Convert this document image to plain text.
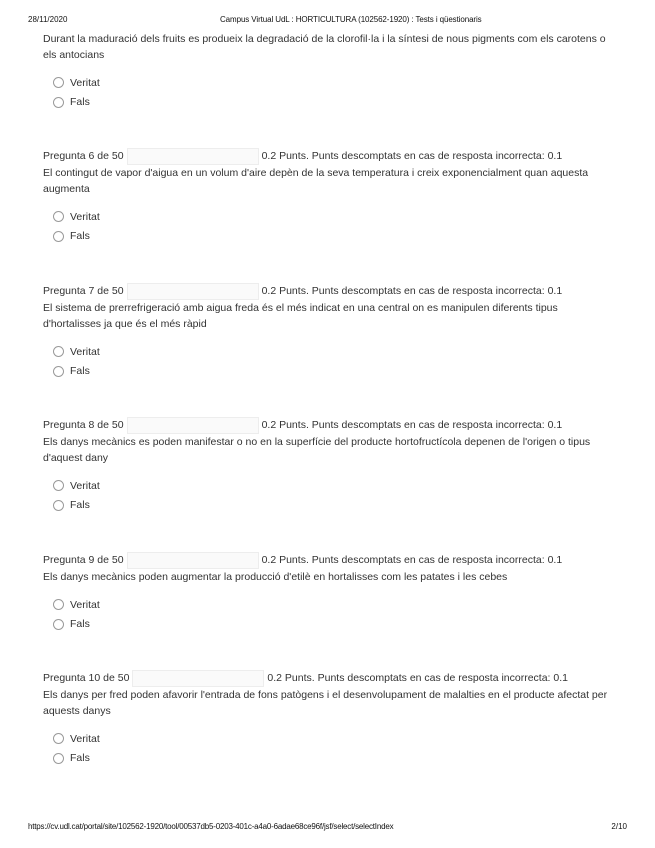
28/11/2020	Campus Virtual UdL : HORTICULTURA (102562-1920) : Tests i qüestionaris

Durant la maduració dels fruits es produeix la degradació de la clorofil·la i la síntesi de nous pigments com els carotens o els antocians

Veritat
Fals
Pregunta 6 de 50	0.2 Punts. Punts descomptats en cas de resposta incorrecta: 0.1

El contingut de vapor d'aigua en un volum d'aire depèn de la seva temperatura i creix exponencialment quan aquesta augmenta

Veritat
Fals
Pregunta 7 de 50	0.2 Punts. Punts descomptats en cas de resposta incorrecta: 0.1

El sistema de prerrefrigeració amb aigua freda és el més indicat en una central on es manipulen diferents tipus d'hortalisses ja que és el més ràpid

Veritat
Fals
Pregunta 8 de 50	0.2 Punts. Punts descomptats en cas de resposta incorrecta: 0.1

Els danys mecànics es poden manifestar o no en la superfície del producte hortofructícola depenen de l'origen o tipus d'aquest dany

Veritat
Fals
Pregunta 9 de 50	0.2 Punts. Punts descomptats en cas de resposta incorrecta: 0.1

Els danys mecànics poden augmentar la producció d'etilè en hortalisses com les patates i les cebes

Veritat
Fals
Pregunta 10 de 50	0.2 Punts. Punts descomptats en cas de resposta incorrecta: 0.1

Els danys per fred poden afavorir l'entrada de fons patògens i el desenvolupament de malalties en el producte afectat per aquests danys

Veritat
Fals
https://cv.udl.cat/portal/site/102562-1920/tool/00537db5-0203-401c-a4a0-6adae68ce96f/jsf/select/selectIndex	2/10
